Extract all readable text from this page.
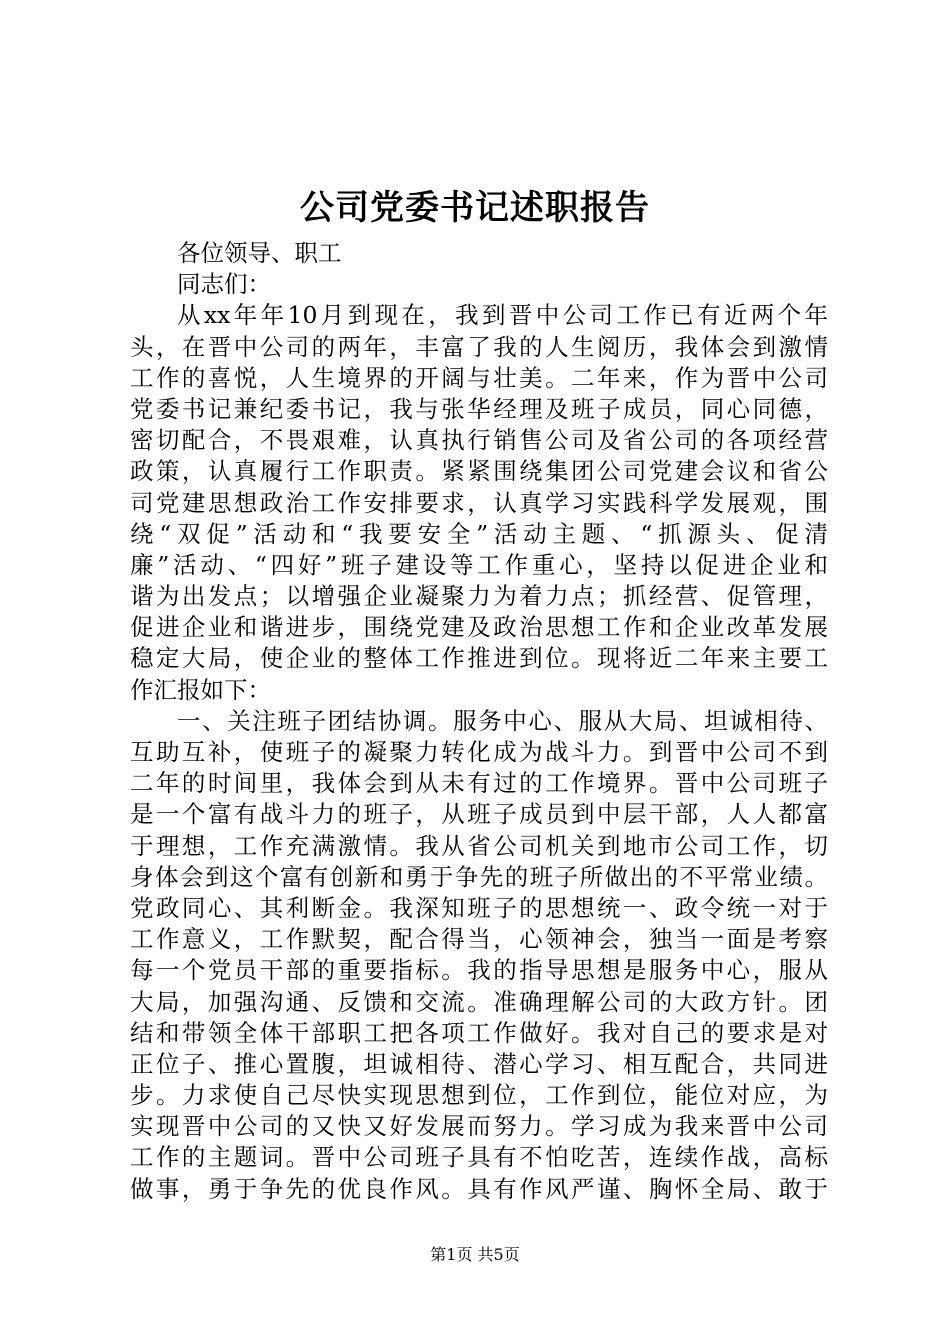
公司党委书记述职报告
各位领导、职工
同志们：
从xx年年10月到现在，我到晋中公司工作已有近两个年
头，在晋中公司的两年，丰富了我的人生阅历，我体会到激情
工作的喜悦，人生境界的开阔与壮美。二年来，作为晋中公司
党委书记兼纪委书记，我与张华经理及班子成员，同心同德，
密切配合，不畏艰难，认真执行销售公司及省公司的各项经营
政策，认真履行工作职责。紧紧围绕集团公司党建会议和省公
司党建思想政治工作安排要求，认真学习实践科学发展观，围
绕“双促”活动和“我要安全”活动主题、“抓源头、促清
廉”活动、“四好”班子建设等工作重心，坚持以促进企业和
谐为出发点；以增强企业凝聚力为着力点；抓经营、促管理，
促进企业和谐进步，围绕党建及政治思想工作和企业改革发展
稳定大局，使企业的整体工作推进到位。现将近二年来主要工
作汇报如下：
一、关注班子团结协调。服务中心、服从大局、坦诚相待、
互助互补，使班子的凝聚力转化成为战斗力。到晋中公司不到
二年的时间里，我体会到从未有过的工作境界。晋中公司班子
是一个富有战斗力的班子，从班子成员到中层干部，人人都富
于理想，工作充满激情。我从省公司机关到地市公司工作，切
身体会到这个富有创新和勇于争先的班子所做出的不平常业绩。
党政同心、其利断金。我深知班子的思想统一、政令统一对于
工作意义，工作默契，配合得当，心领神会，独当一面是考察
每一个党员干部的重要指标。我的指导思想是服务中心，服从
大局，加强沟通、反馈和交流。准确理解公司的大政方针。团
结和带领全体干部职工把各项工作做好。我对自己的要求是对
正位子、推心置腹，坦诚相待、潜心学习、相互配合，共同进
步。力求使自己尽快实现思想到位，工作到位，能位对应，为
实现晋中公司的又快又好发展而努力。学习成为我来晋中公司
工作的主题词。晋中公司班子具有不怕吃苦，连续作战，高标
做事，勇于争先的优良作风。具有作风严谨、胸怀全局、敢于
第1页 共5页
